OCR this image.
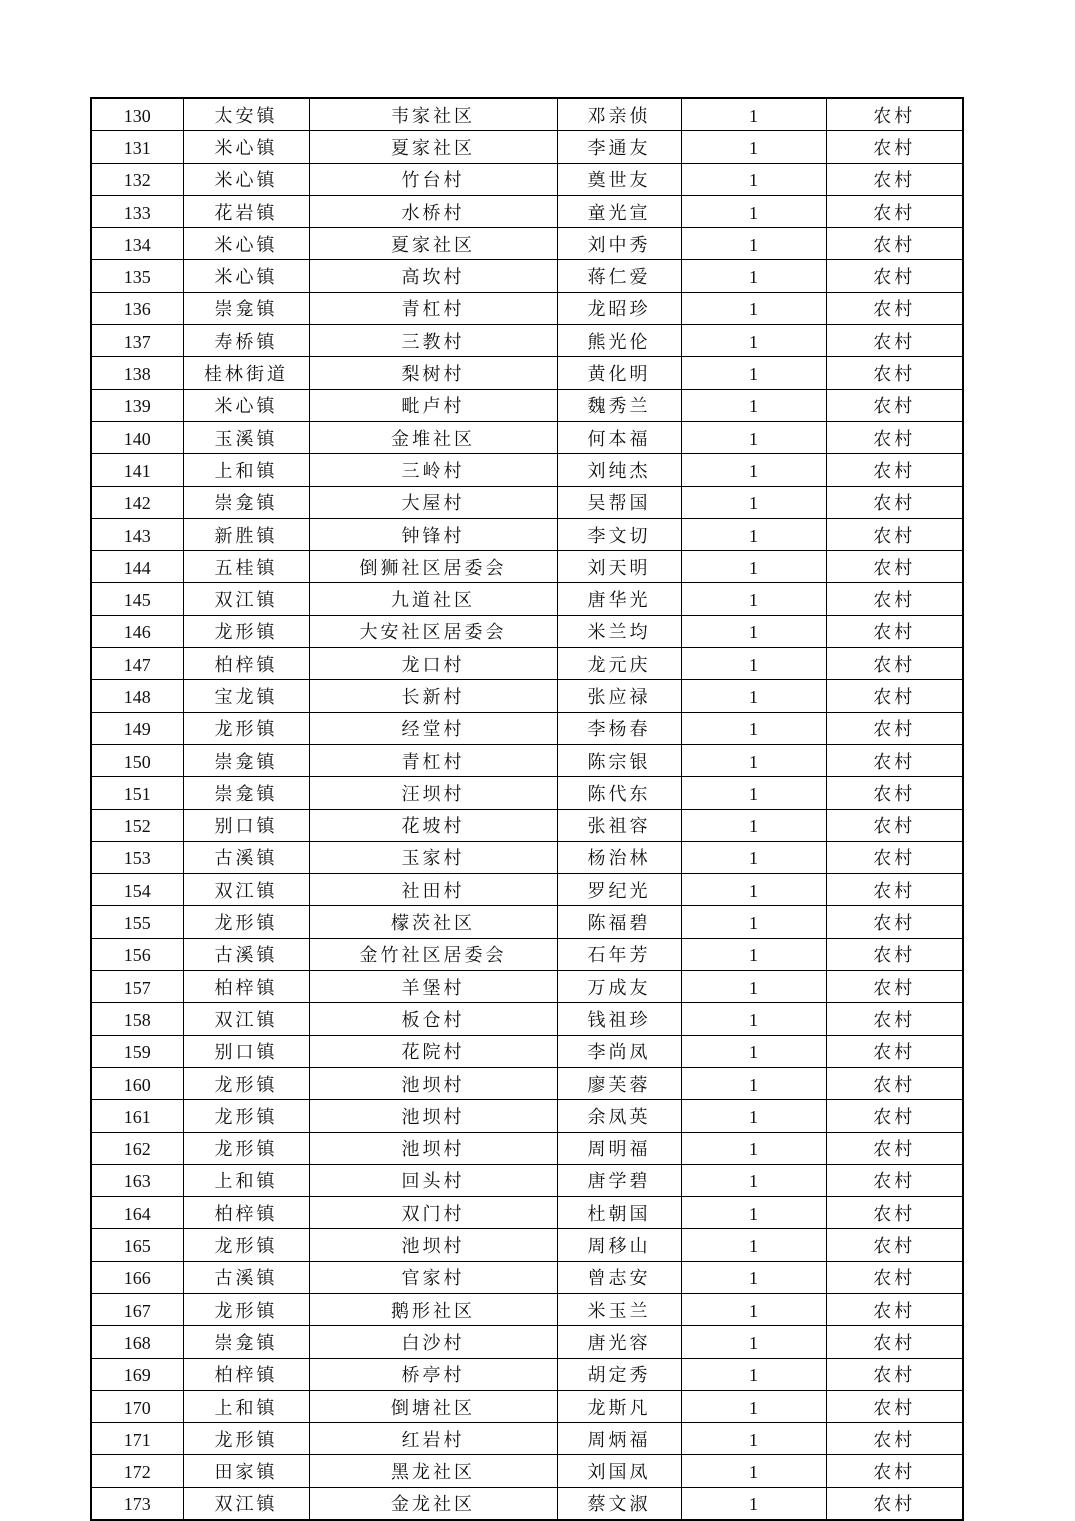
130	太安镇	韦家社区	邓亲侦	1	农村
131	米心镇	夏家社区	李通友	1	农村
132	米心镇	竹台村	奠世友	1	农村
133	花岩镇	水桥村	童光宣	1	农村
134	米心镇	夏家社区	刘中秀	1	农村
135	米心镇	高坎村	蒋仁爱	1	农村
136	崇龛镇	青杠村	龙昭珍	1	农村
137	寿桥镇	三教村	熊光伦	1	农村
138	桂林街道	梨树村	黄化明	1	农村
139	米心镇	毗卢村	魏秀兰	1	农村
140	玉溪镇	金堆社区	何本福	1	农村
141	上和镇	三岭村	刘纯杰	1	农村
142	崇龛镇	大屋村	吴帮国	1	农村
143	新胜镇	钟锋村	李文切	1	农村
144	五桂镇	倒狮社区居委会	刘天明	1	农村
145	双江镇	九道社区	唐华光	1	农村
146	龙形镇	大安社区居委会	米兰均	1	农村
147	柏梓镇	龙口村	龙元庆	1	农村
148	宝龙镇	长新村	张应禄	1	农村
149	龙形镇	经堂村	李杨春	1	农村
150	崇龛镇	青杠村	陈宗银	1	农村
151	崇龛镇	汪坝村	陈代东	1	农村
152	别口镇	花坡村	张祖容	1	农村
153	古溪镇	玉家村	杨治林	1	农村
154	双江镇	社田村	罗纪光	1	农村
155	龙形镇	檬茨社区	陈福碧	1	农村
156	古溪镇	金竹社区居委会	石年芳	1	农村
157	柏梓镇	羊堡村	万成友	1	农村
158	双江镇	板仓村	钱祖珍	1	农村
159	别口镇	花院村	李尚凤	1	农村
160	龙形镇	池坝村	廖芙蓉	1	农村
161	龙形镇	池坝村	余凤英	1	农村
162	龙形镇	池坝村	周明福	1	农村
163	上和镇	回头村	唐学碧	1	农村
164	柏梓镇	双门村	杜朝国	1	农村
165	龙形镇	池坝村	周移山	1	农村
166	古溪镇	官家村	曾志安	1	农村
167	龙形镇	鹅形社区	米玉兰	1	农村
168	崇龛镇	白沙村	唐光容	1	农村
169	柏梓镇	桥亭村	胡定秀	1	农村
170	上和镇	倒塘社区	龙斯凡	1	农村
171	龙形镇	红岩村	周炳福	1	农村
172	田家镇	黑龙社区	刘国凤	1	农村
173	双江镇	金龙社区	蔡文淑	1	农村
